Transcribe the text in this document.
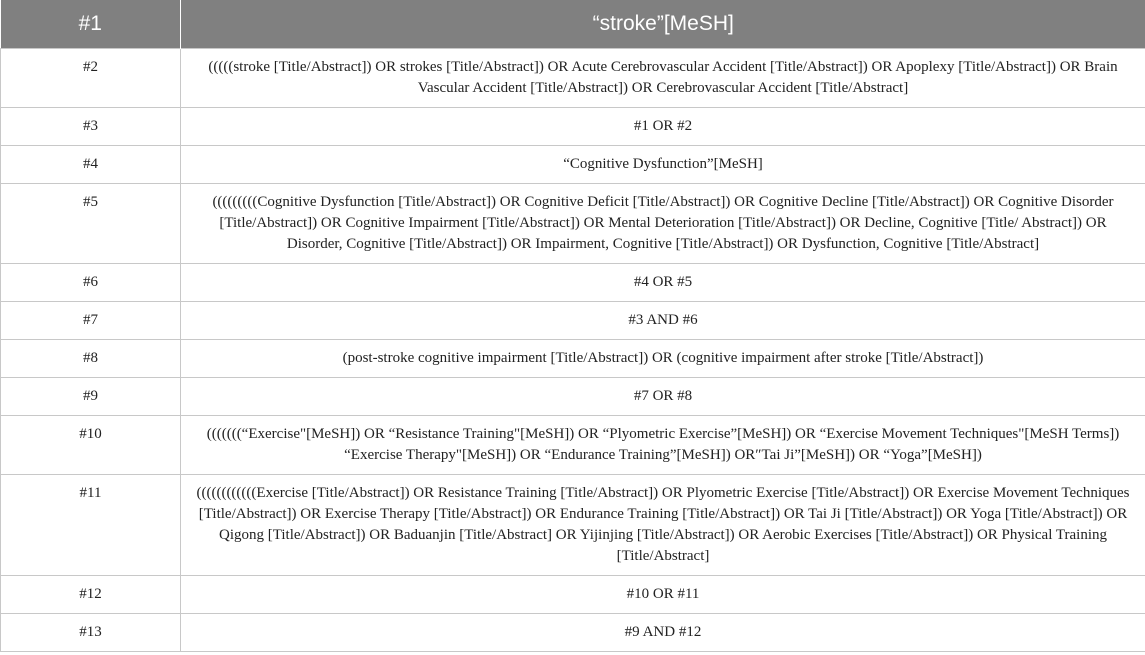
#1	“stroke”[MeSH]
#2	(((((stroke [Title/Abstract]) OR strokes [Title/Abstract]) OR Acute Cerebrovascular Accident [Title/Abstract]) OR Apoplexy [Title/Abstract]) OR Brain Vascular Accident [Title/Abstract]) OR Cerebrovascular Accident [Title/Abstract]
#3	#1 OR #2
#4	“Cognitive Dysfunction”[MeSH]
#5	(((((((((Cognitive Dysfunction [Title/Abstract]) OR Cognitive Deficit [Title/Abstract]) OR Cognitive Decline [Title/Abstract]) OR Cognitive Disorder [Title/Abstract]) OR Cognitive Impairment [Title/Abstract]) OR Mental Deterioration [Title/Abstract]) OR Decline, Cognitive [Title/ Abstract]) OR Disorder, Cognitive [Title/Abstract]) OR Impairment, Cognitive [Title/Abstract]) OR Dysfunction, Cognitive [Title/Abstract]
#6	#4 OR #5
#7	#3 AND #6
#8	(post-stroke cognitive impairment [Title/Abstract]) OR (cognitive impairment after stroke [Title/Abstract])
#9	#7 OR #8
#10	(((((((“Exercise"[MeSH]) OR “Resistance Training"[MeSH]) OR “Plyometric Exercise”[MeSH]) OR “Exercise Movement Techniques"[MeSH Terms]) “Exercise Therapy"[MeSH]) OR “Endurance Training”[MeSH]) OR″Tai Ji”[MeSH]) OR “Yoga”[MeSH])
#11	((((((((((((Exercise [Title/Abstract]) OR Resistance Training [Title/Abstract]) OR Plyometric Exercise [Title/Abstract]) OR Exercise Movement Techniques [Title/Abstract]) OR Exercise Therapy [Title/Abstract]) OR Endurance Training [Title/Abstract]) OR Tai Ji [Title/Abstract]) OR Yoga [Title/Abstract]) OR Qigong [Title/Abstract]) OR Baduanjin [Title/Abstract] OR Yijinjing [Title/Abstract]) OR Aerobic Exercises [Title/Abstract]) OR Physical Training [Title/Abstract]
#12	#10 OR #11
#13	#9 AND #12
